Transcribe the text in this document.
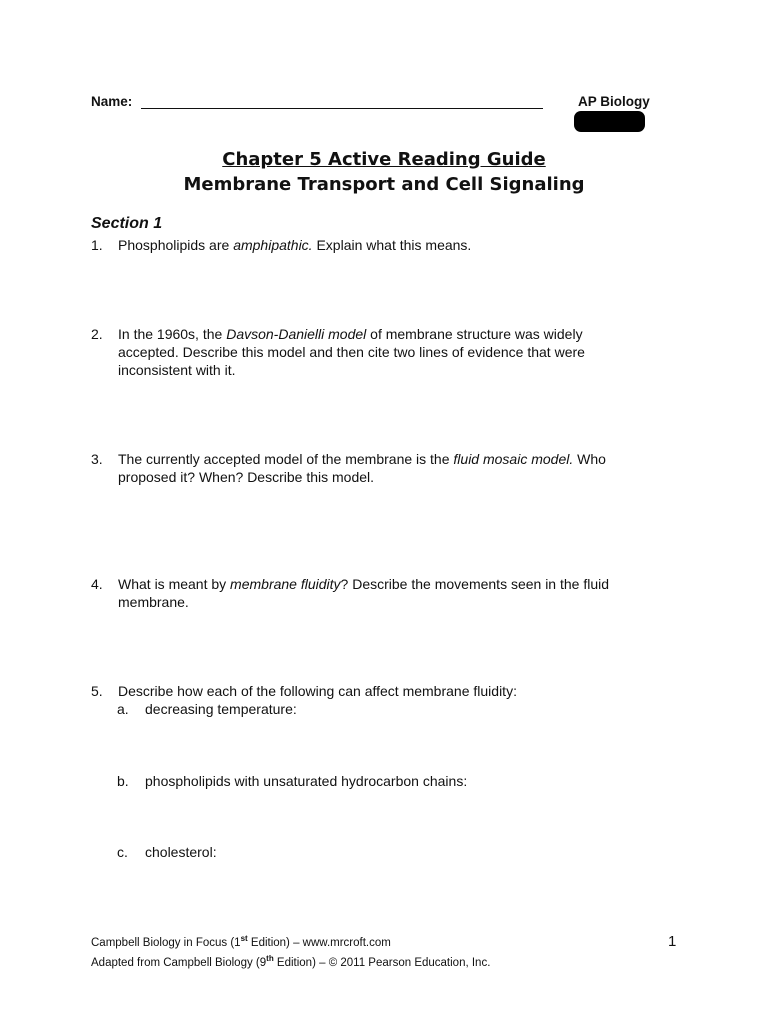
Name:	AP Biology
Chapter 5 Active Reading Guide
Membrane Transport and Cell Signaling
Section 1
1. Phospholipids are amphipathic. Explain what this means.
2. In the 1960s, the Davson-Danielli model of membrane structure was widely accepted. Describe this model and then cite two lines of evidence that were inconsistent with it.
3. The currently accepted model of the membrane is the fluid mosaic model. Who proposed it? When? Describe this model.
4. What is meant by membrane fluidity? Describe the movements seen in the fluid membrane.
5. Describe how each of the following can affect membrane fluidity:
a. decreasing temperature:
b. phospholipids with unsaturated hydrocarbon chains:
c. cholesterol:
Campbell Biology in Focus (1st Edition) – www.mrcroft.com
Adapted from Campbell Biology (9th Edition) – © 2011 Pearson Education, Inc.
1
